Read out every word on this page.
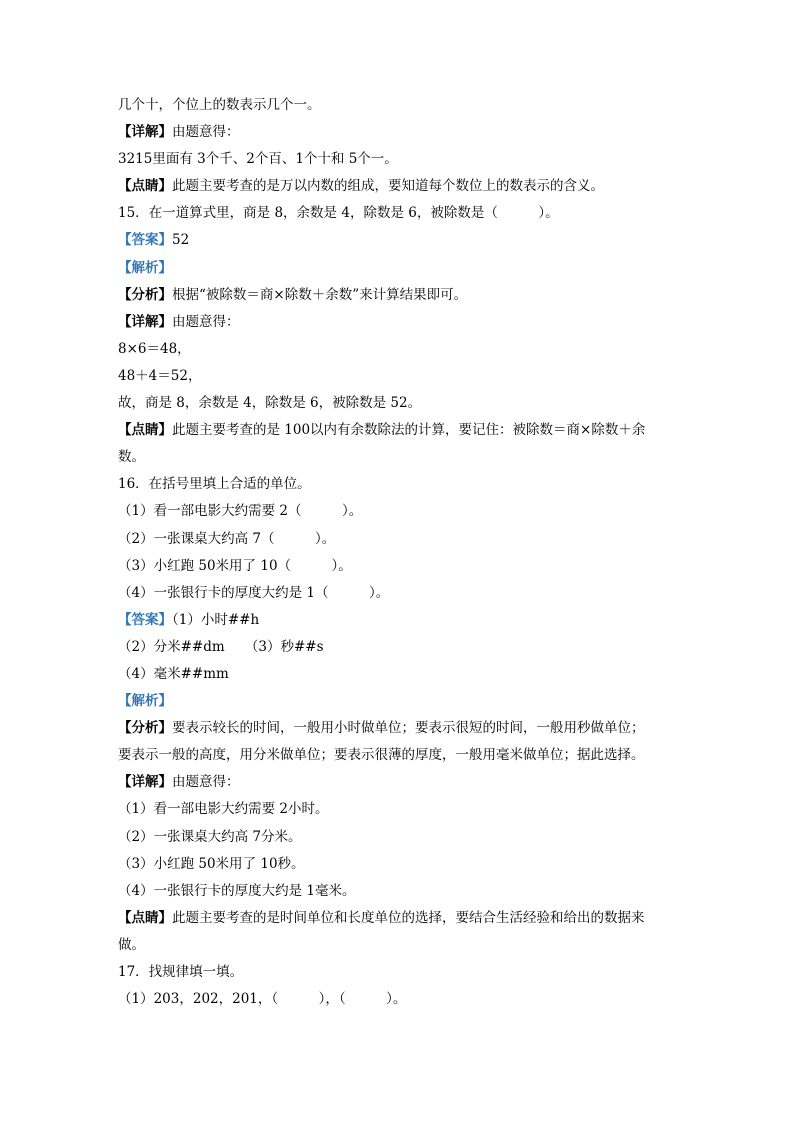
几个十，个位上的数表示几个一。
【详解】由题意得：
3215里面有 3个千、2个百、1个十和 5个一。
【点睛】此题主要考查的是万以内数的组成，要知道每个数位上的数表示的含义。
15．在一道算式里，商是 8，余数是 4，除数是 6，被除数是（　　　）。
【答案】52
【解析】
【分析】根据“被除数＝商×除数＋余数”来计算结果即可。
【详解】由题意得：
8×6＝48，
48＋4＝52，
故，商是 8，余数是 4，除数是 6，被除数是 52。
【点睛】此题主要考查的是 100以内有余数除法的计算，要记住：被除数＝商×除数＋余
数。
16．在括号里填上合适的单位。
（1）看一部电影大约需要 2（　　　）。
（2）一张课桌大约高 7（　　　）。
（3）小红跑 50米用了 10（　　　）。
（4）一张银行卡的厚度大约是 1（　　　）。
【答案】（1）小时##h
（2）分米##dm　　（3）秒##s
（4）毫米##mm
【解析】
【分析】要表示较长的时间，一般用小时做单位；要表示很短的时间，一般用秒做单位；
要表示一般的高度，用分米做单位；要表示很薄的厚度，一般用毫米做单位；据此选择。
【详解】由题意得：
（1）看一部电影大约需要 2小时。
（2）一张课桌大约高 7分米。
（3）小红跑 50米用了 10秒。
（4）一张银行卡的厚度大约是 1毫米。
【点睛】此题主要考查的是时间单位和长度单位的选择，要结合生活经验和给出的数据来
做。
17．找规律填一填。
（1）203，202，201，（　　　），（　　　）。
